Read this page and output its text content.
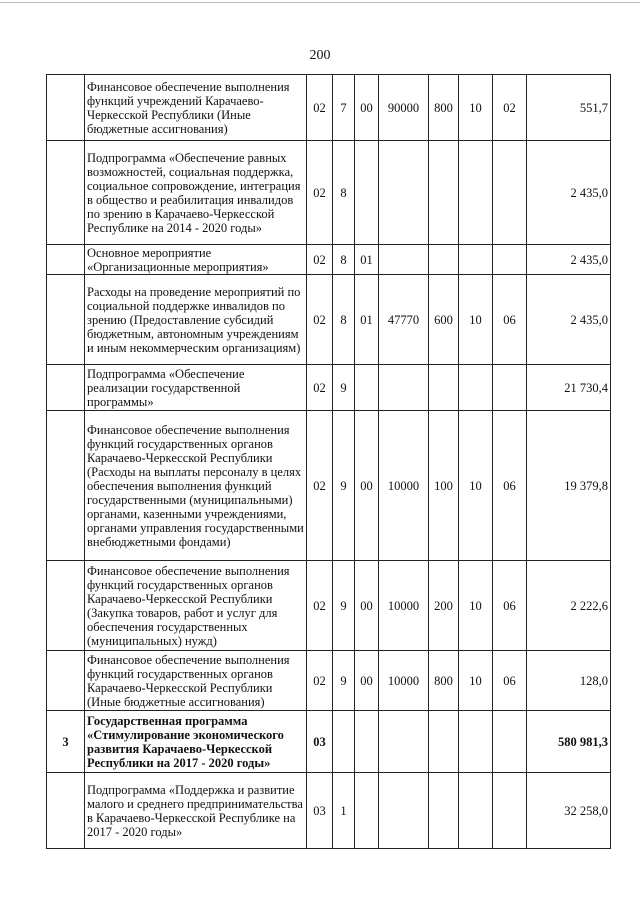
200
	Финансовое обеспечение выполнения функций учреждений Карачаево-Черкесской Республики (Иные бюджетные ассигнования)	02	7	00	90000	800	10	02	551,7
	Подпрограмма «Обеспечение равных возможностей, социальная поддержка, социальное сопровождение, интеграция в общество и реабилитация инвалидов по зрению в Карачаево-Черкесской Республике на 2014 - 2020 годы»	02	8						2 435,0
	Основное мероприятие «Организационные мероприятия»	02	8	01					2 435,0
	Расходы на проведение мероприятий по социальной поддержке инвалидов по зрению (Предоставление субсидий бюджетным, автономным учреждениям и иным некоммерческим организациям)	02	8	01	47770	600	10	06	2 435,0
	Подпрограмма «Обеспечение реализации государственной программы»	02	9						21 730,4
	Финансовое обеспечение выполнения функций государственных органов Карачаево-Черкесской Республики (Расходы на выплаты персоналу в целях обеспечения выполнения функций государственными (муниципальными) органами, казенными учреждениями, органами управления государственными внебюджетными фондами)	02	9	00	10000	100	10	06	19 379,8
	Финансовое обеспечение выполнения функций государственных органов Карачаево-Черкесской Республики (Закупка товаров, работ и услуг для обеспечения государственных (муниципальных) нужд)	02	9	00	10000	200	10	06	2 222,6
	Финансовое обеспечение выполнения функций государственных органов Карачаево-Черкесской Республики (Иные бюджетные ассигнования)	02	9	00	10000	800	10	06	128,0
3	Государственная программа «Стимулирование экономического развития Карачаево-Черкесской Республики на 2017 - 2020 годы»	03							580 981,3
	Подпрограмма «Поддержка и развитие малого и среднего предпринимательства в Карачаево-Черкесской Республике на 2017 - 2020 годы»	03	1						32 258,0
